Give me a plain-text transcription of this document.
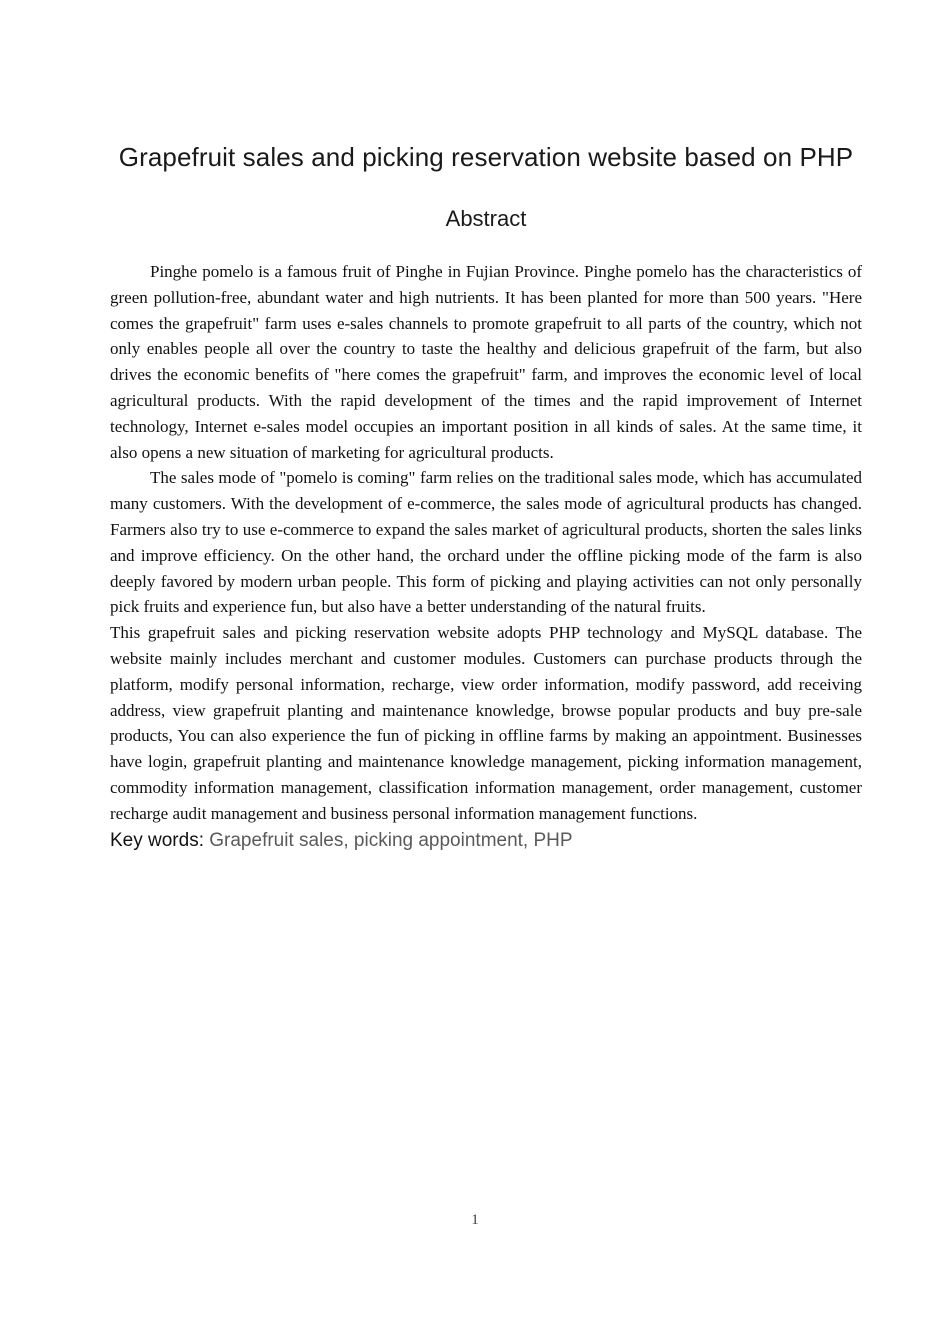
Grapefruit sales and picking reservation website based on PHP
Abstract

Pinghe pomelo is a famous fruit of Pinghe in Fujian Province. Pinghe pomelo has the characteristics of green pollution-free, abundant water and high nutrients. It has been planted for more than 500 years. "Here comes the grapefruit" farm uses e-sales channels to promote grapefruit to all parts of the country, which not only enables people all over the country to taste the healthy and delicious grapefruit of the farm, but also drives the economic benefits of "here comes the grapefruit" farm, and improves the economic level of local agricultural products. With the rapid development of the times and the rapid improvement of Internet technology, Internet e-sales model occupies an important position in all kinds of sales. At the same time, it also opens a new situation of marketing for agricultural products.

The sales mode of "pomelo is coming" farm relies on the traditional sales mode, which has accumulated many customers. With the development of e-commerce, the sales mode of agricultural products has changed. Farmers also try to use e-commerce to expand the sales market of agricultural products, shorten the sales links and improve efficiency. On the other hand, the orchard under the offline picking mode of the farm is also deeply favored by modern urban people. This form of picking and playing activities can not only personally pick fruits and experience fun, but also have a better understanding of the natural fruits.

This grapefruit sales and picking reservation website adopts PHP technology and MySQL database. The website mainly includes merchant and customer modules. Customers can purchase products through the platform, modify personal information, recharge, view order information, modify password, add receiving address, view grapefruit planting and maintenance knowledge, browse popular products and buy pre-sale products, You can also experience the fun of picking in offline farms by making an appointment. Businesses have login, grapefruit planting and maintenance knowledge management, picking information management, commodity information management, classification information management, order management, customer recharge audit management and business personal information management functions.

Key words: Grapefruit sales, picking appointment, PHP

1
